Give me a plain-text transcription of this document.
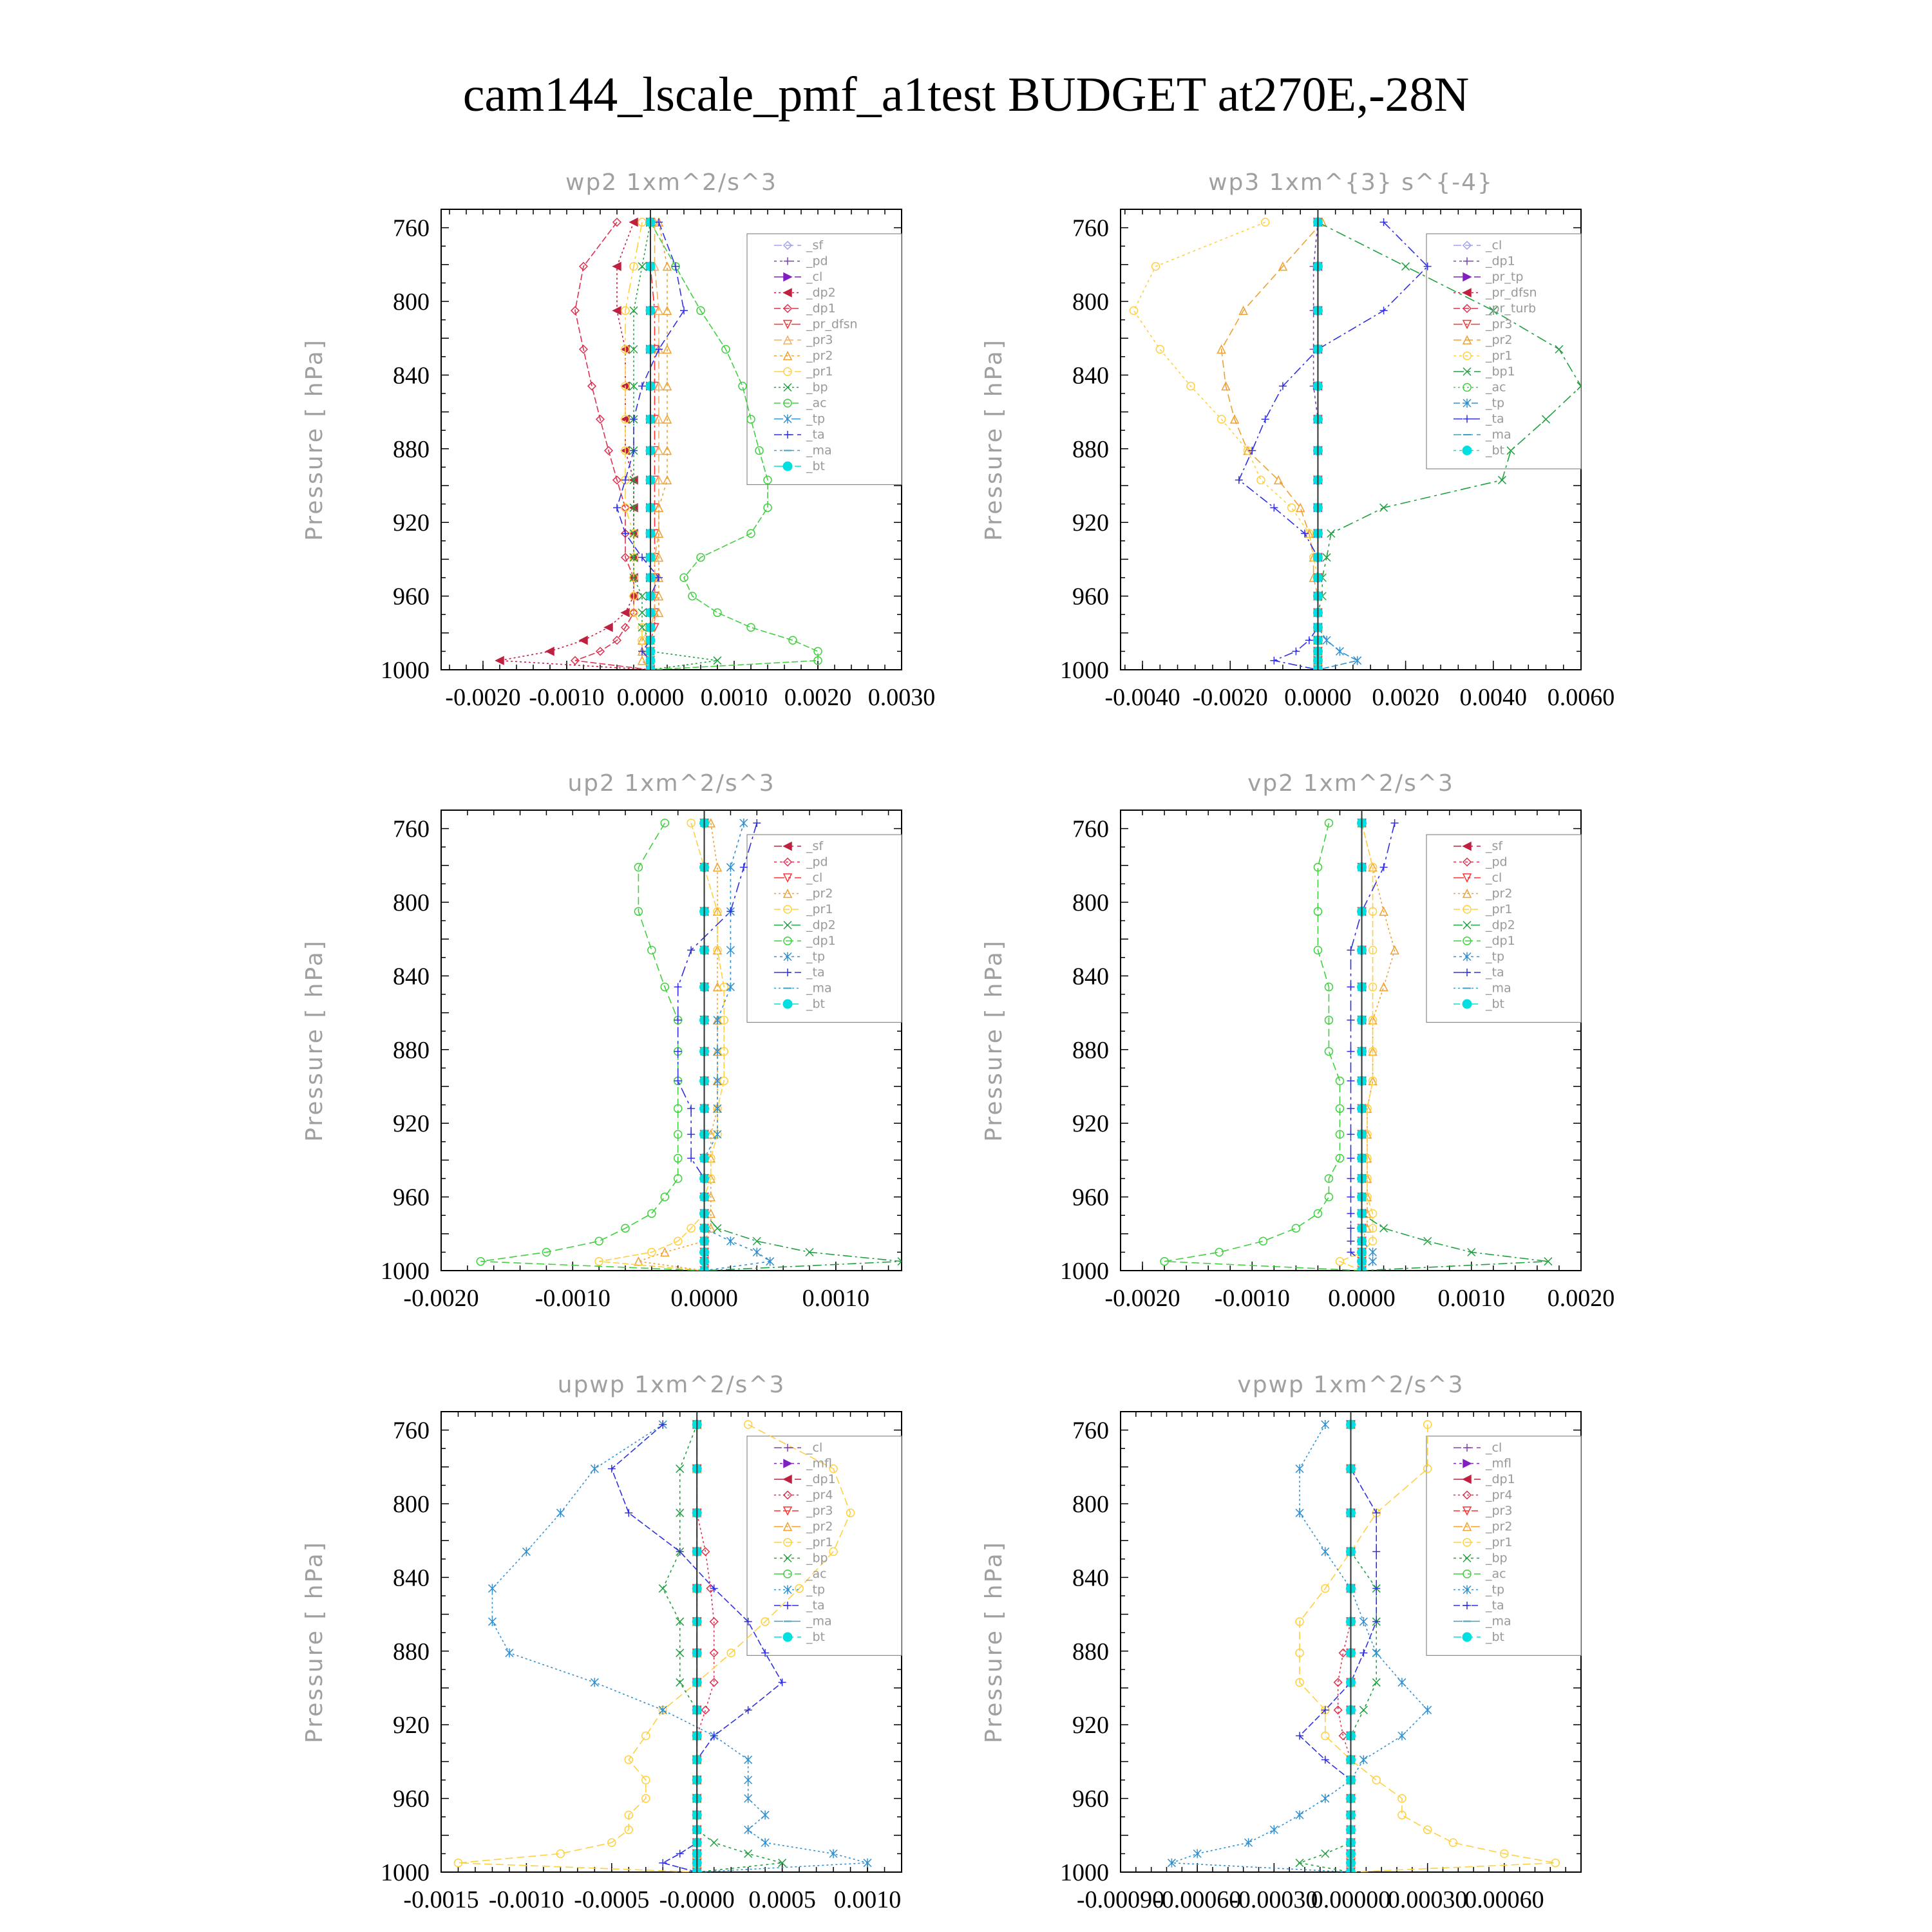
cam144_lscale_pmf_a1test BUDGET at270E,-28N
wp2 1xm^2/s^3
Pressure [ hPa]
760
800
840
880
920
960
1000
-0.0020 -0.0010 0.0000 0.0010 0.0020 0.0030
_sf
_pd
_cl
_dp2
_dp1
_pr_dfsn
_pr3
_pr2
_pr1
_bp
_ac
_tp
_ta
_ma
_bt
wp3 1xm^{3} s^{-4}
Pressure [ hPa]
760
800
840
880
920
960
1000
-0.0040 -0.0020 0.0000 0.0020 0.0040 0.0060
_cl
_dp1
_pr_tp
_pr_dfsn
_pr_turb
_pr3
_pr2
_pr1
_bp1
_ac
_tp
_ta
_ma
_bt
up2 1xm^2/s^3
Pressure [ hPa]
760
800
840
880
920
960
1000
-0.0020 -0.0010 0.0000	0.0010
_sf
_pd
_cl
_pr2
_pr1
_dp2
_dp1
_tp
_ta
_ma
_bt
vp2 1xm^2/s^3
Pressure [ hPa]
760
800
840
880
920
960
1000
-0.0020 -0.0010 0.0000 0.0010 0.0020
_sf
_pd
_cl
_pr2
_pr1
_dp2
_dp1
_tp
_ta
_ma
_bt
upwp 1xm^2/s^3
Pressure [ hPa]
760
800
840
880
920
960
1000
-0.0015 -0.0010 -0.0005 -0.0000 0.0005 0.0010
_cl
_mfl
_dp1
_pr4
_pr3
_pr2
_pr1
_bp
_ac
_tp
_ta
_ma
_bt
vpwp 1xm^2/s^3
Pressure [ hPa]
760
800
840
880
920
960
1000
-0.00090
-0.00060
-0.00030
0.00000
0.00030
0.00060
_cl
_mfl
_dp1
_pr4
_pr3
_pr2
_pr1
_bp
_ac
_tp
_ta
_ma
_bt
